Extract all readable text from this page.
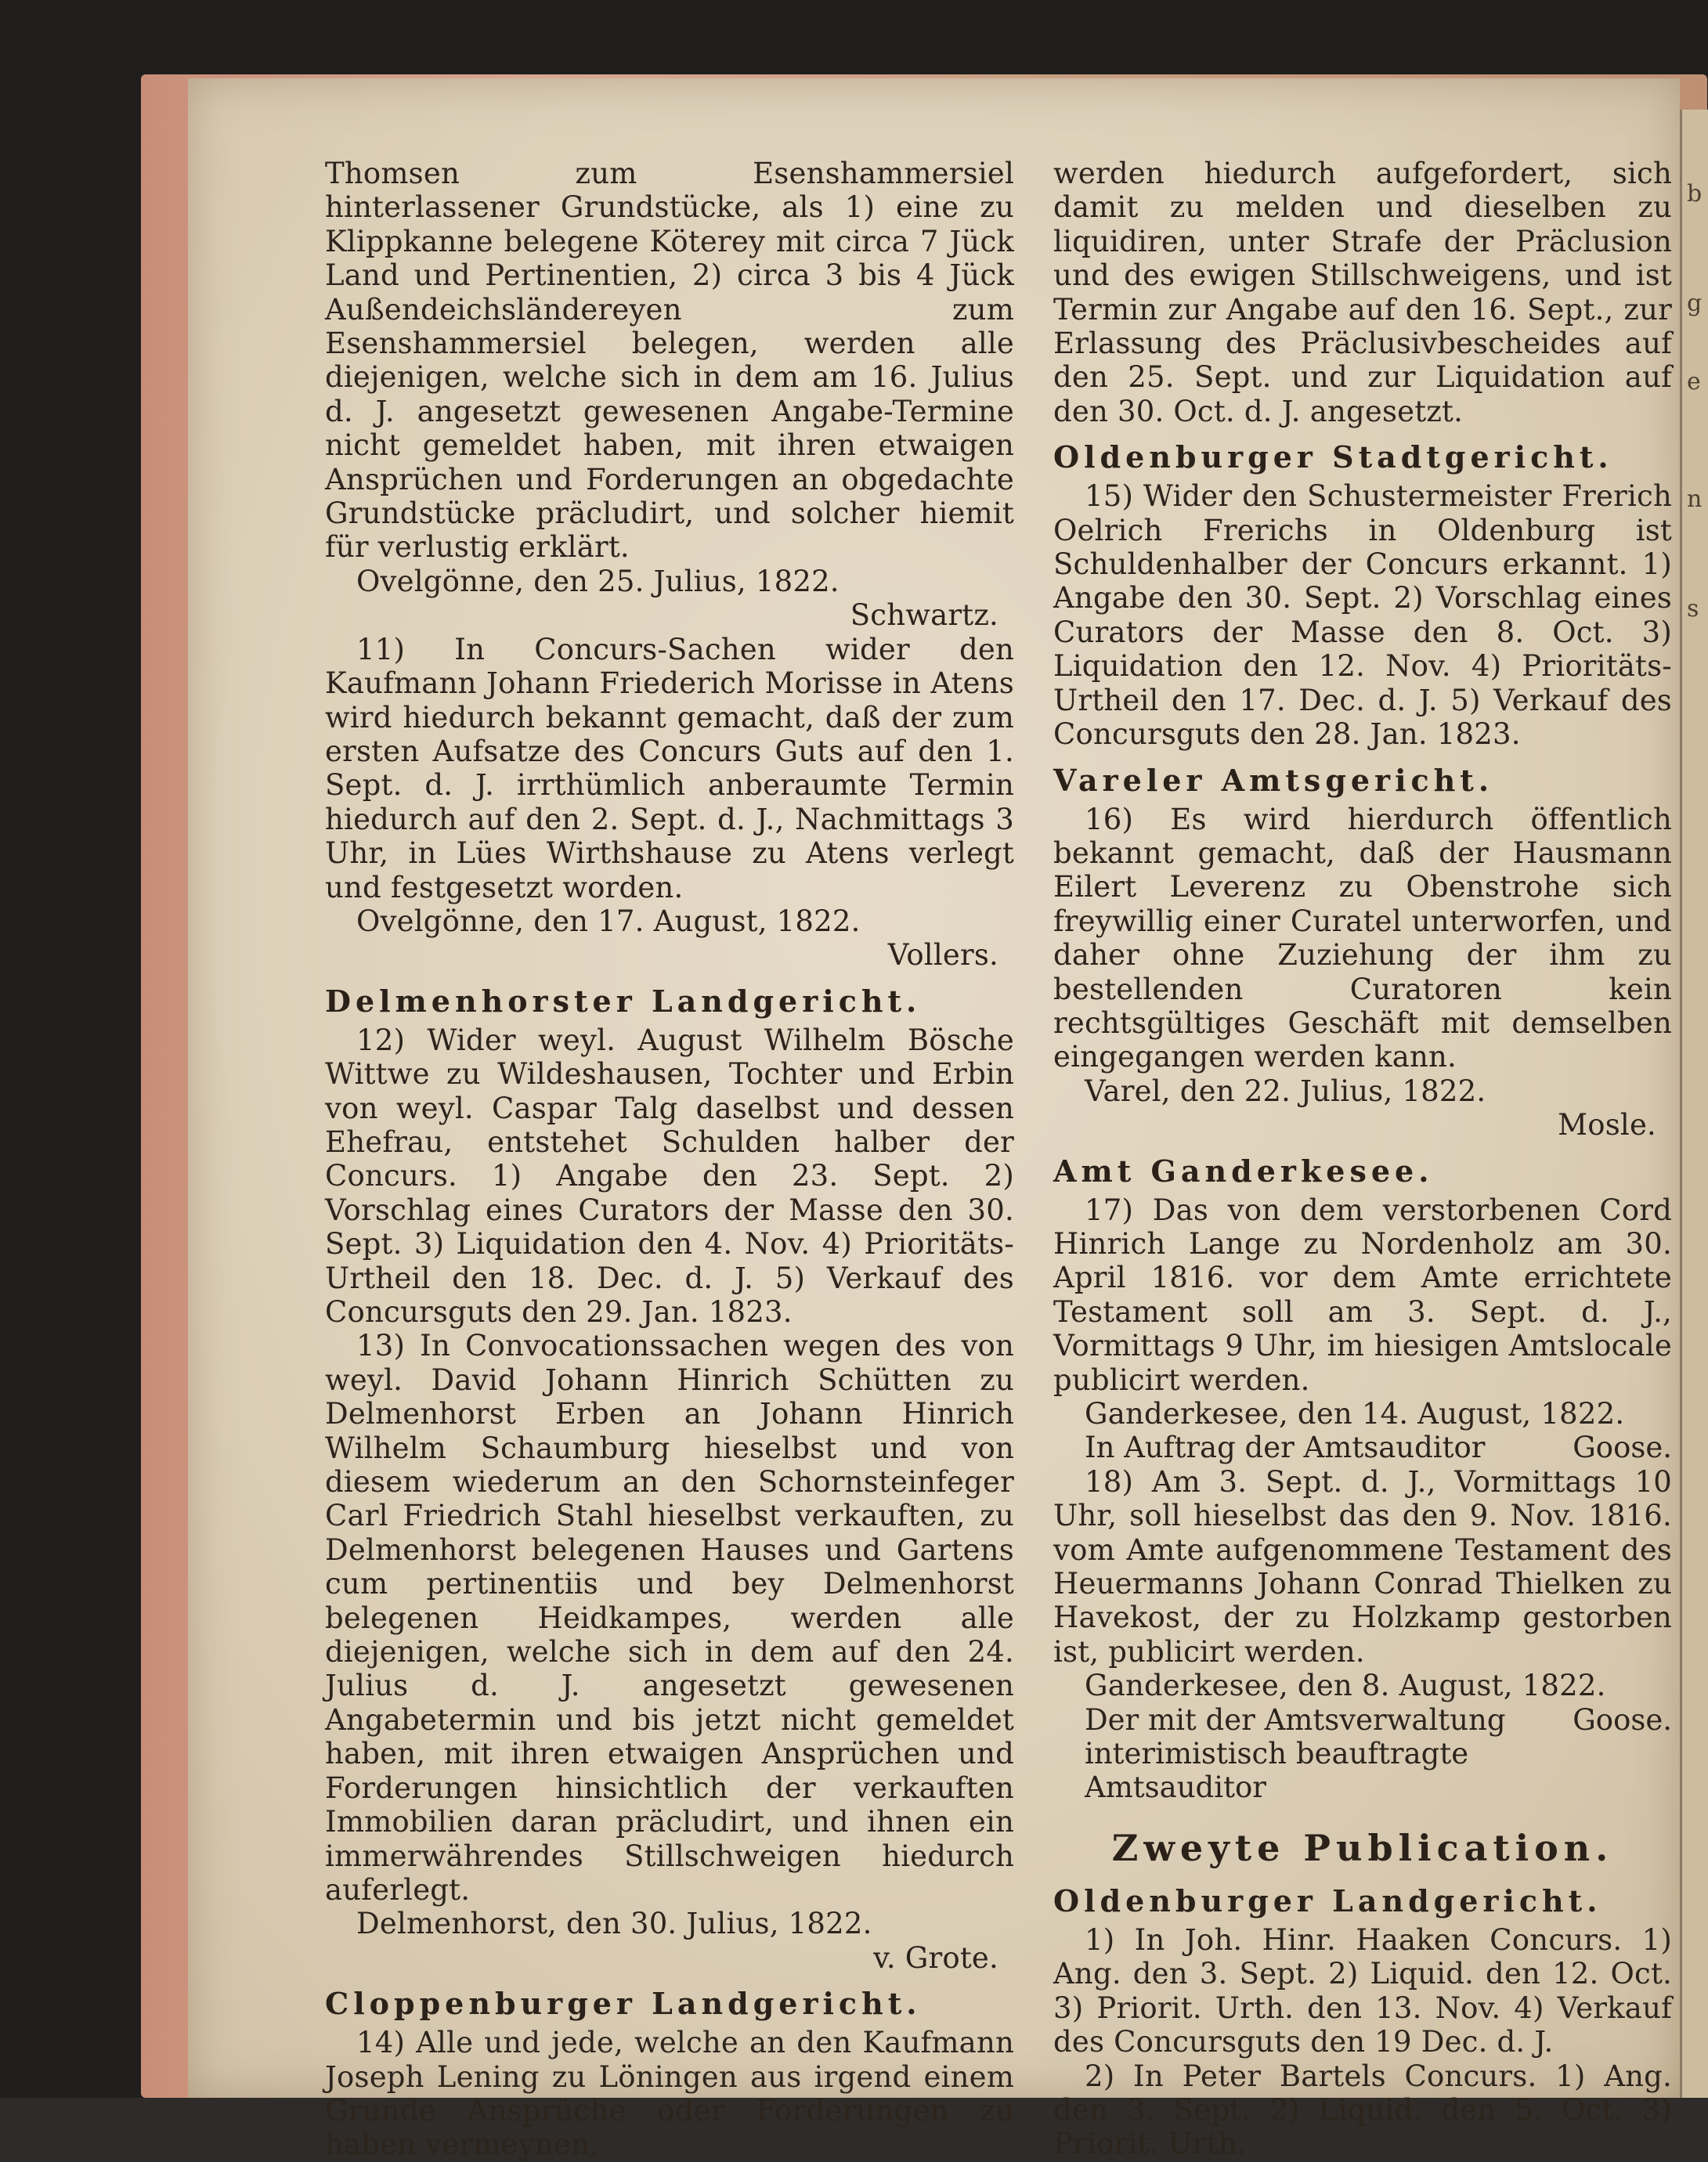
b
g
e
n
s

Thomsen zum Esenshammersiel hinterlassener Grundstücke, als 1) eine zu Klippkanne belegene Köterey mit circa 7 Jück Land und Pertinentien, 2) circa 3 bis 4 Jück Außendeichsländereyen zum Esenshammersiel belegen, werden alle diejenigen, welche sich in dem am 16. Julius d. J. angesetzt gewesenen Angabe-Termine nicht gemeldet haben, mit ihren etwaigen Ansprüchen und Forderungen an obgedachte Grundstücke präcludirt, und solcher hiemit für verlustig erklärt.

Ovelgönne, den 25. Julius, 1822.

Schwartz.

11) In Concurs-Sachen wider den Kaufmann Johann Friederich Morisse in Atens wird hiedurch bekannt gemacht, daß der zum ersten Aufsatze des Concurs Guts auf den 1. Sept. d. J. irrthümlich anberaumte Termin hiedurch auf den 2. Sept. d. J., Nachmittags 3 Uhr, in Lües Wirthshause zu Atens verlegt und festgesetzt worden.

Ovelgönne, den 17. August, 1822.

Vollers.

Delmenhorster Landgericht.

12) Wider weyl. August Wilhelm Bösche Wittwe zu Wildeshausen, Tochter und Erbin von weyl. Caspar Talg daselbst und dessen Ehefrau, entstehet Schulden halber der Concurs. 1) Angabe den 23. Sept. 2) Vorschlag eines Curators der Masse den 30. Sept. 3) Liquidation den 4. Nov. 4) Prioritäts-Urtheil den 18. Dec. d. J. 5) Verkauf des Concursguts den 29. Jan. 1823.

13) In Convocationssachen wegen des von weyl. David Johann Hinrich Schütten zu Delmenhorst Erben an Johann Hinrich Wilhelm Schaumburg hieselbst und von diesem wiederum an den Schornsteinfeger Carl Friedrich Stahl hieselbst verkauften, zu Delmenhorst belegenen Hauses und Gartens cum pertinentiis und bey Delmenhorst belegenen Heidkampes, werden alle diejenigen, welche sich in dem auf den 24. Julius d. J. angesetzt gewesenen Angabetermin und bis jetzt nicht gemeldet haben, mit ihren etwaigen Ansprüchen und Forderungen hinsichtlich der verkauften Immobilien daran präcludirt, und ihnen ein immerwährendes Stillschweigen hiedurch auferlegt.

Delmenhorst, den 30. Julius, 1822.

v. Grote.

Cloppenburger Landgericht.

14) Alle und jede, welche an den Kaufmann Joseph Lening zu Löningen aus irgend einem Grunde Ansprüche oder Forderungen zu haben vermeynen,

werden hiedurch aufgefordert, sich damit zu melden und dieselben zu liquidiren, unter Strafe der Präclusion und des ewigen Stillschweigens, und ist Termin zur Angabe auf den 16. Sept., zur Erlassung des Präclusivbescheides auf den 25. Sept. und zur Liquidation auf den 30. Oct. d. J. angesetzt.

Oldenburger Stadtgericht.

15) Wider den Schustermeister Frerich Oelrich Frerichs in Oldenburg ist Schuldenhalber der Concurs erkannt. 1) Angabe den 30. Sept. 2) Vorschlag eines Curators der Masse den 8. Oct. 3) Liquidation den 12. Nov. 4) Prioritäts-Urtheil den 17. Dec. d. J. 5) Verkauf des Concursguts den 28. Jan. 1823.

Vareler Amtsgericht.

16) Es wird hierdurch öffentlich bekannt gemacht, daß der Hausmann Eilert Leverenz zu Obenstrohe sich freywillig einer Curatel unterworfen, und daher ohne Zuziehung der ihm zu bestellenden Curatoren kein rechtsgültiges Geschäft mit demselben eingegangen werden kann.

Varel, den 22. Julius, 1822.

Mosle.

Amt Ganderkesee.

17) Das von dem verstorbenen Cord Hinrich Lange zu Nordenholz am 30. April 1816. vor dem Amte errichtete Testament soll am 3. Sept. d. J., Vormittags 9 Uhr, im hiesigen Amtslocale publicirt werden.

Ganderkesee, den 14. August, 1822.

In Auftrag der Amtsauditor	Goose.

18) Am 3. Sept. d. J., Vormittags 10 Uhr, soll hieselbst das den 9. Nov. 1816. vom Amte aufgenommene Testament des Heuermanns Johann Conrad Thielken zu Havekost, der zu Holzkamp gestorben ist, publicirt werden.

Ganderkesee, den 8. August, 1822.

Der mit der Amtsverwaltung interimistisch beauftragte Amtsauditor
Goose.
Zweyte Publication.
Oldenburger Landgericht.

1) In Joh. Hinr. Haaken Concurs. 1) Ang. den 3. Sept. 2) Liquid. den 12. Oct. 3) Priorit. Urth. den 13. Nov. 4) Verkauf des Concursguts den 19 Dec. d. J.

2) In Peter Bartels Concurs. 1) Ang. den 3. Sept. 2) Liquid. den 5. Oct. 3) Priorit. Urth.
